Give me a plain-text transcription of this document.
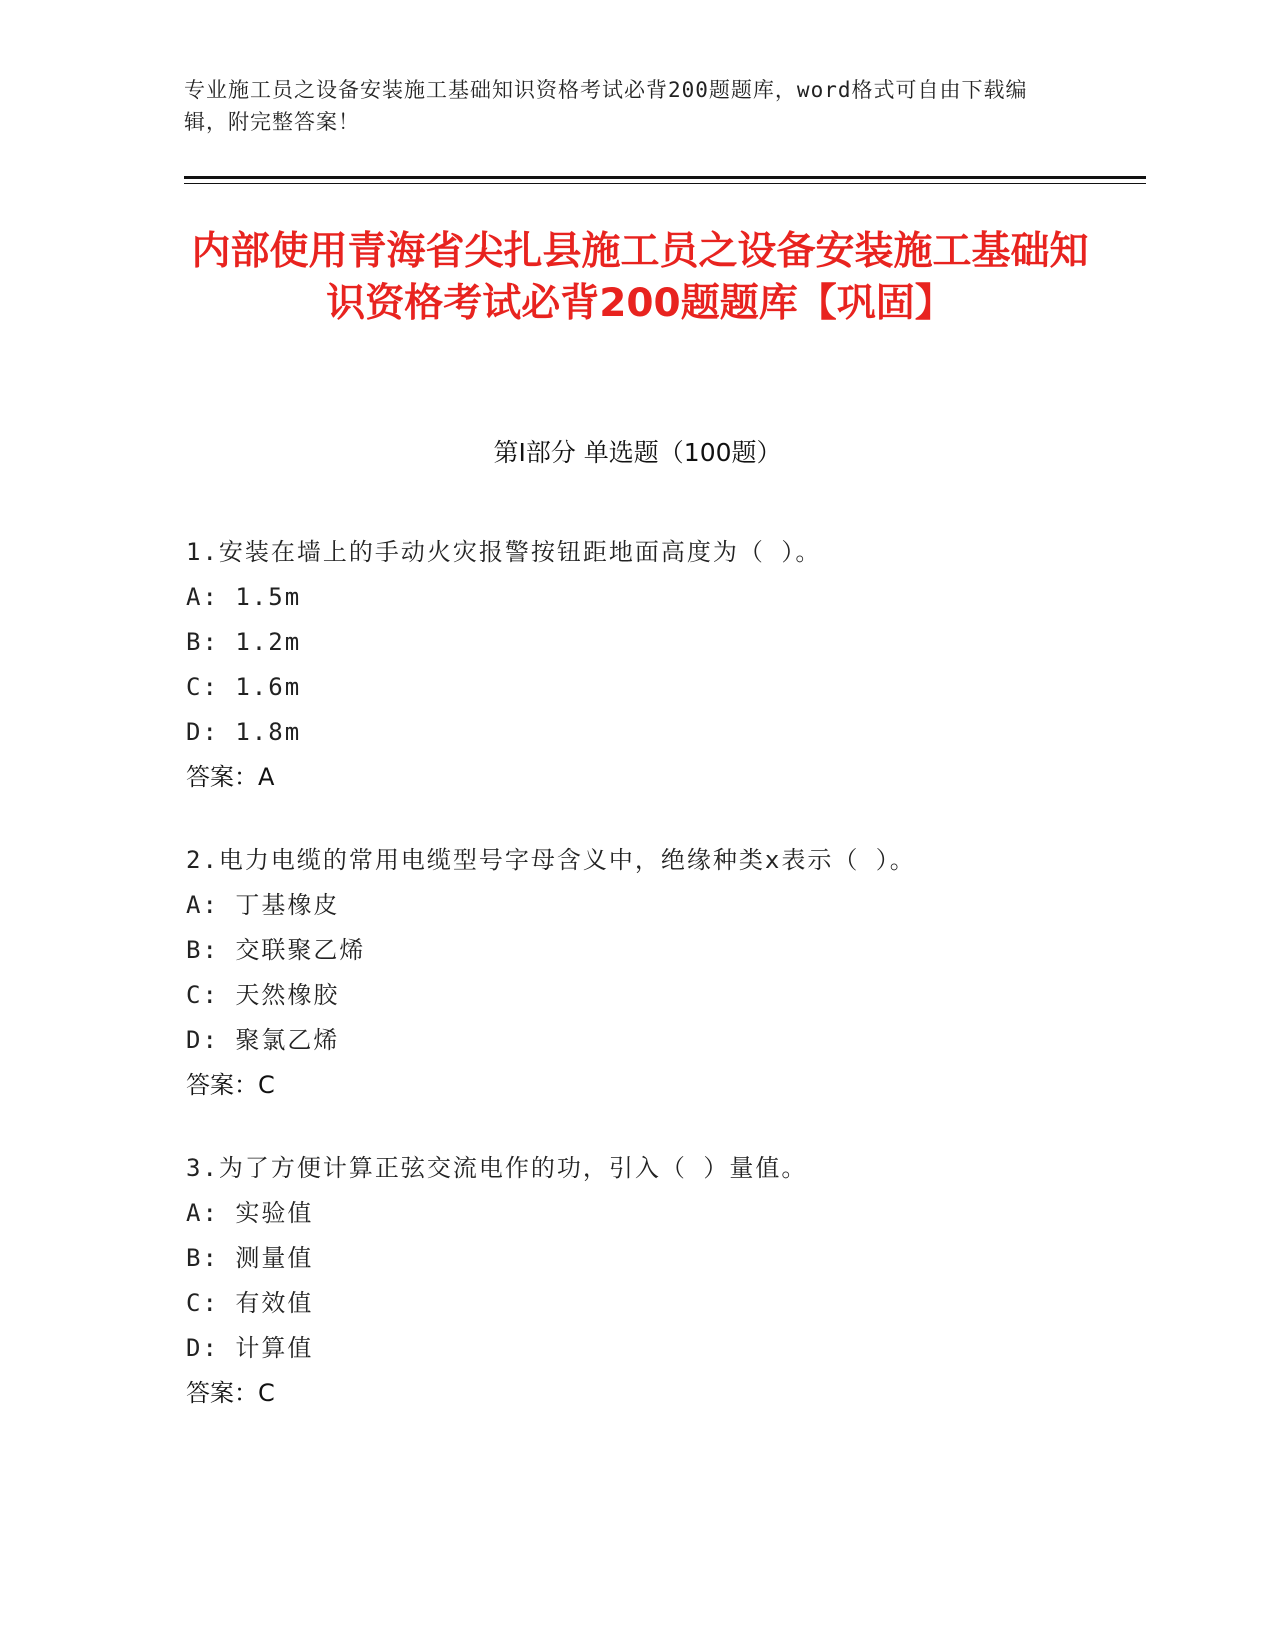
专业施工员之设备安装施工基础知识资格考试必背200题题库，word格式可自由下载编辑，附完整答案！
内部使用青海省尖扎县施工员之设备安装施工基础知识资格考试必背200题题库【巩固】
第Ⅰ部分 单选题（100题）
1.安装在墙上的手动火灾报警按钮距地面高度为（ ）。
A: 1.5m
B: 1.2m
C: 1.6m
D: 1.8m
答案：A
2.电力电缆的常用电缆型号字母含义中，绝缘种类x表示（ ）。
A: 丁基橡皮
B: 交联聚乙烯
C: 天然橡胶
D: 聚氯乙烯
答案：C
3.为了方便计算正弦交流电作的功，引入（ ）量值。
A: 实验值
B: 测量值
C: 有效值
D: 计算值
答案：C
